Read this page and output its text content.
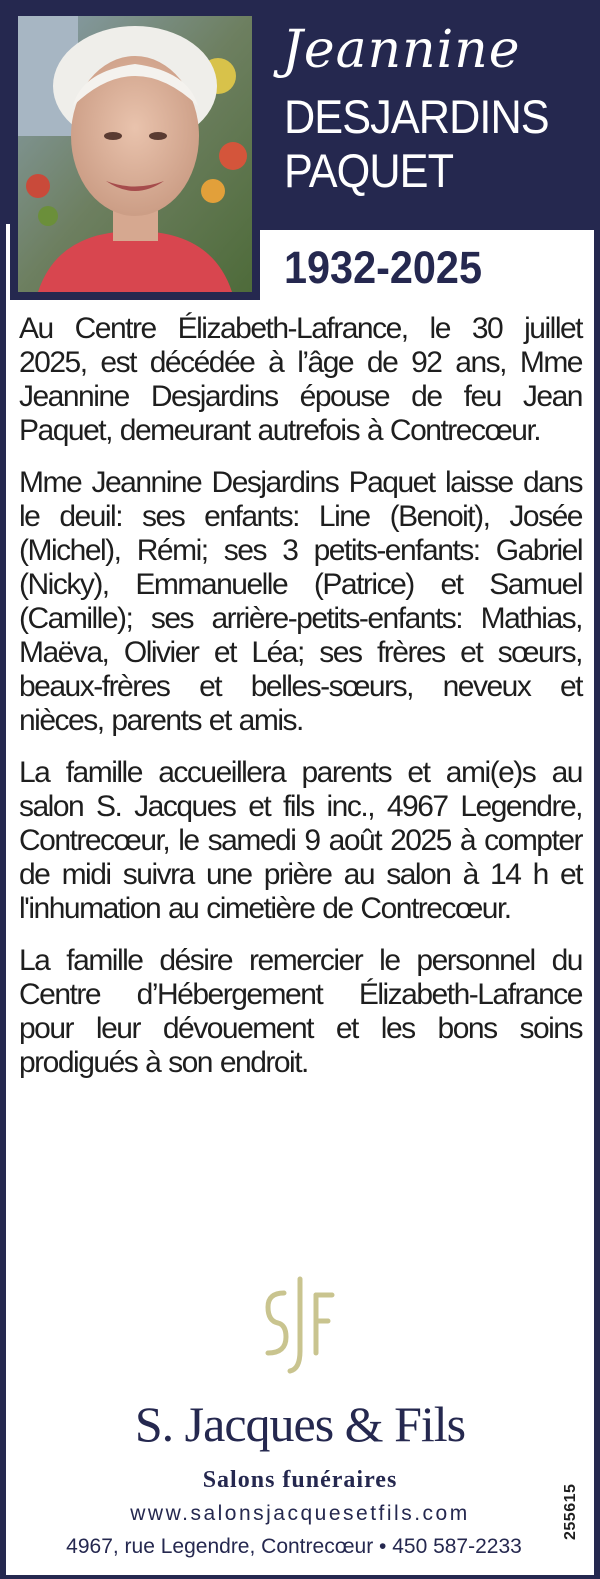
Jeannine
DESJARDINS
PAQUET
1932-2025

Au Centre Élizabeth-Lafrance, le 30 juillet 2025, est décédée à l’âge de 92 ans, Mme Jeannine Desjardins épouse de feu Jean Paquet, demeurant autrefois à Contrecœur.

Mme Jeannine Desjardins Paquet laisse dans le deuil: ses enfants: Line (Benoit), Josée (Michel), Rémi; ses 3 petits-enfants: Gabriel (Nicky), Emmanuelle (Patrice) et Samuel (Camille); ses arrière-petits-enfants: Mathias, Maëva, Olivier et Léa; ses frères et sœurs, beaux-frères et belles-sœurs, neveux et nièces, parents et amis.

La famille accueillera parents et ami(e)s au salon S. Jacques et fils inc., 4967 Legendre, Contrecœur, le samedi 9 août 2025 à compter de midi suivra une prière au salon à 14 h et l'inhumation au cimetière de Contrecœur.

La famille désire remercier le personnel du Centre d’Hébergement Élizabeth-Lafrance pour leur dévouement et les bons soins prodigués à son endroit.

S. Jacques & Fils
Salons funéraires
www.salonsjacquesetfils.com
4967, rue Legendre, Contrecœur • 450 587-2233
255615
